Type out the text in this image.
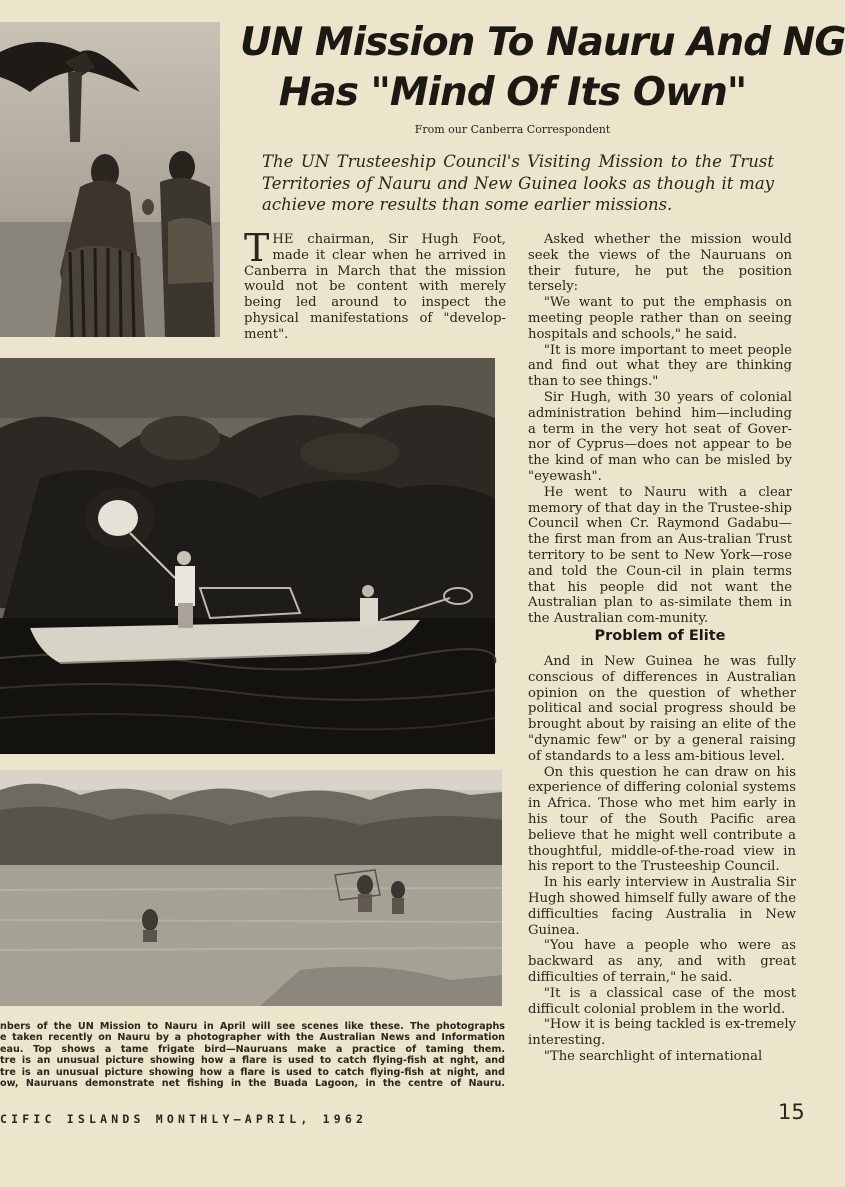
UN Mission To Nauru And NG
Has "Mind Of Its Own"
From our Canberra Correspondent
The UN Trusteeship Council's Visiting Mission to the Trust Territories of Nauru and New Guinea looks as though it may achieve more results than some earlier missions.

THE chairman, Sir Hugh Foot, made it clear when he arrived in Canberra in March that the mission would not be content with merely being led around to inspect the physical manifestations of "develop-ment".

Asked whether the mission would seek the views of the Nauruans on their future, he put the position tersely:

"We want to put the emphasis on meeting people rather than on seeing hospitals and schools," he said.

"It is more important to meet people and find out what they are thinking than to see things."

Sir Hugh, with 30 years of colonial administration behind him—including a term in the very hot seat of Gover-nor of Cyprus—does not appear to be the kind of man who can be misled by "eyewash".

He went to Nauru with a clear memory of that day in the Trustee-ship Council when Cr. Raymond Gadabu—the first man from an Aus-tralian Trust territory to be sent to New York—rose and told the Coun-cil in plain terms that his people did not want the Australian plan to as-similate them in the Australian com-munity.

Problem of Elite

And in New Guinea he was fully conscious of differences in Australian opinion on the question of whether political and social progress should be brought about by raising an elite of the "dynamic few" or by a general raising of standards to a less am-bitious level.

On this question he can draw on his experience of differing colonial systems in Africa. Those who met him early in his tour of the South Pacific area believe that he might well contribute a thoughtful, middle-of-the-road view in his report to the Trusteeship Council.

In his early interview in Australia Sir Hugh showed himself fully aware of the difficulties facing Australia in New Guinea.

"You have a people who were as backward as any, and with great difficulties of terrain," he said.

"It is a classical case of the most difficult colonial problem in the world.

"How it is being tackled is ex-tremely interesting.

"The searchlight of international

nbers of the UN Mission to Nauru in April will see scenes like these. The photographs
e taken recently on Nauru by a photographer with the Australian News and Information
eau. Top shows a tame frigate bird—Nauruans make a practice of taming them.
tre is an unusual picture showing how a flare is used to catch flying-fish at nght, and
tre is an unusual picture showing how a flare is used to catch flying-fish at night, and
ow, Nauruans demonstrate net fishing in the Buada Lagoon, in the centre of Nauru.
CIFIC ISLANDS MONTHLY—APRIL, 1962	15
